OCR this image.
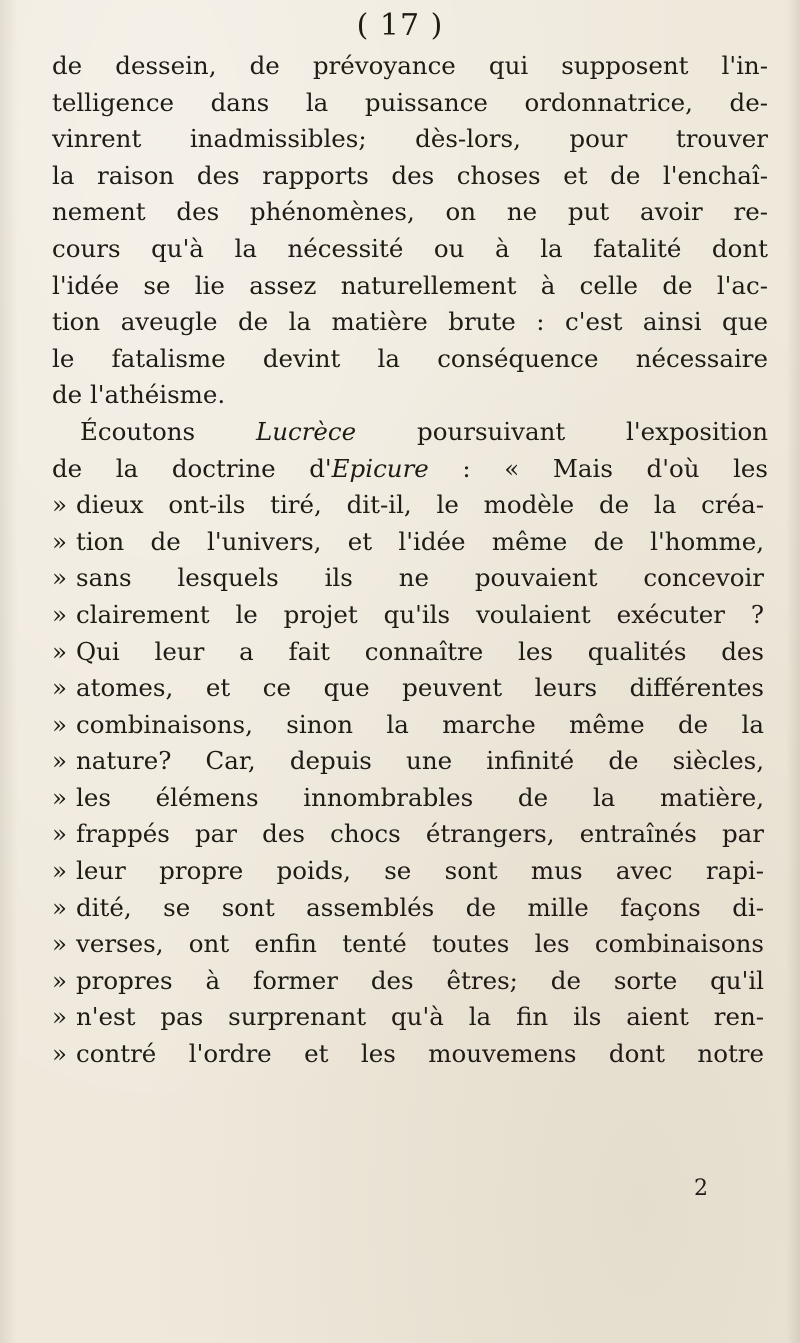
( 17 )
de dessein, de prévoyance qui supposent l'in-
telligence dans la puissance ordonnatrice, de-
vinrent inadmissibles; dès-lors, pour trouver
la raison des rapports des choses et de l'enchaî-
nement des phénomènes, on ne put avoir re-
cours qu'à la nécessité ou à la fatalité dont
l'idée se lie assez naturellement à celle de l'ac-
tion aveugle de la matière brute : c'est ainsi que
le fatalisme devint la conséquence nécessaire
de l'athéisme.
Écoutons Lucrèce poursuivant l'exposition
de la doctrine d'Epicure : « Mais d'où les
» dieux ont-ils tiré, dit-il, le modèle de la créa-
» tion de l'univers, et l'idée même de l'homme,
» sans lesquels ils ne pouvaient concevoir
» clairement le projet qu'ils voulaient exécuter ?
» Qui leur a fait connaître les qualités des
» atomes, et ce que peuvent leurs différentes
» combinaisons, sinon la marche même de la
» nature? Car, depuis une infinité de siècles,
» les élémens innombrables de la matière,
» frappés par des chocs étrangers, entraînés par
» leur propre poids, se sont mus avec rapi-
» dité, se sont assemblés de mille façons di-
» verses, ont enfin tenté toutes les combinaisons
» propres à former des êtres; de sorte qu'il
» n'est pas surprenant qu'à la fin ils aient ren-
» contré l'ordre et les mouvemens dont notre
2
